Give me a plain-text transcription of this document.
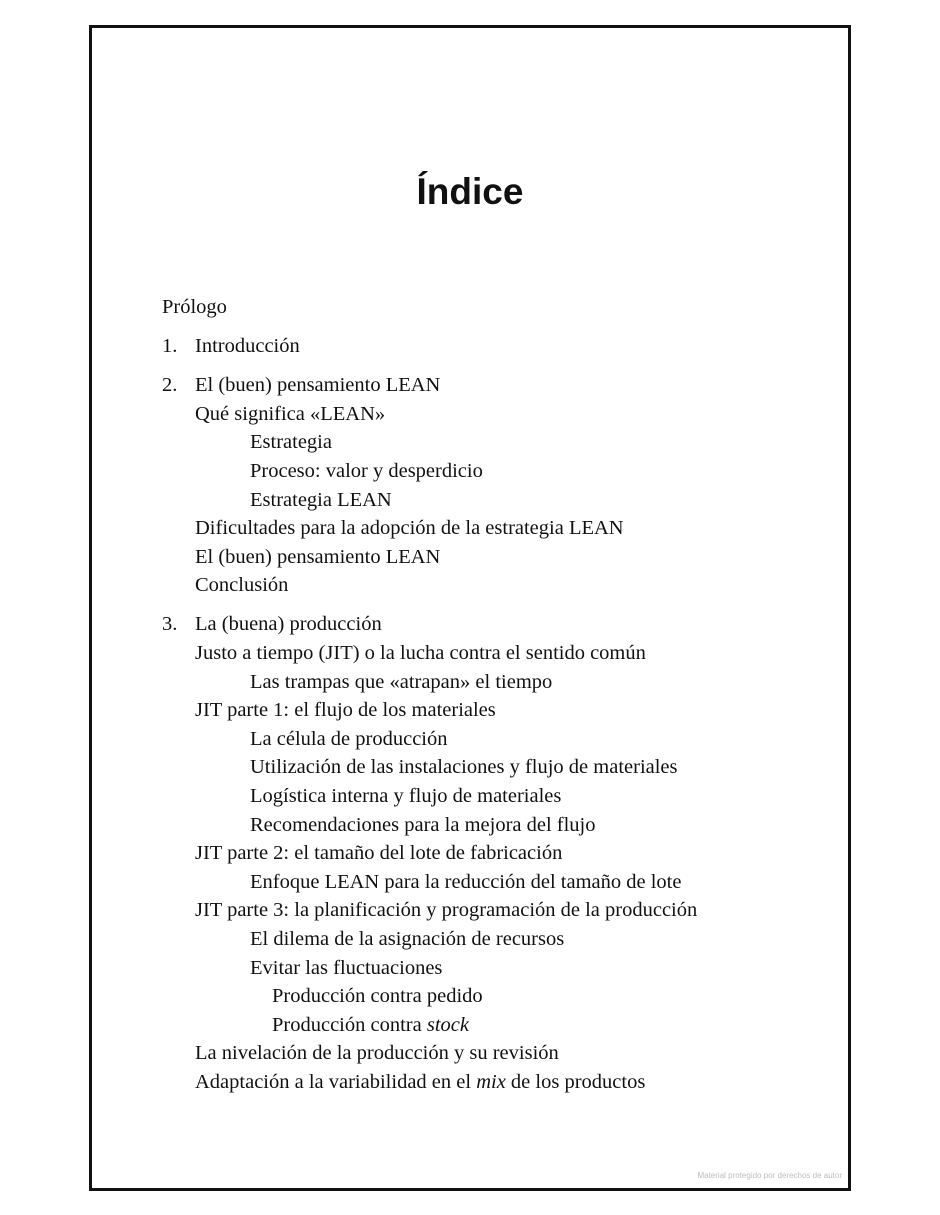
Índice
Prólogo
1. Introducción
2. El (buen) pensamiento LEAN
Qué significa «LEAN»
Estrategia
Proceso: valor y desperdicio
Estrategia LEAN
Dificultades para la adopción de la estrategia LEAN
El (buen) pensamiento LEAN
Conclusión
3. La (buena) producción
Justo a tiempo (JIT) o la lucha contra el sentido común
Las trampas que «atrapan» el tiempo
JIT parte 1: el flujo de los materiales
La célula de producción
Utilización de las instalaciones y flujo de materiales
Logística interna y flujo de materiales
Recomendaciones para la mejora del flujo
JIT parte 2: el tamaño del lote de fabricación
Enfoque LEAN para la reducción del tamaño de lote
JIT parte 3: la planificación y programación de la producción
El dilema de la asignación de recursos
Evitar las fluctuaciones
Producción contra pedido
Producción contra stock
La nivelación de la producción y su revisión
Adaptación a la variabilidad en el mix de los productos
Material protegido por derechos de autor
